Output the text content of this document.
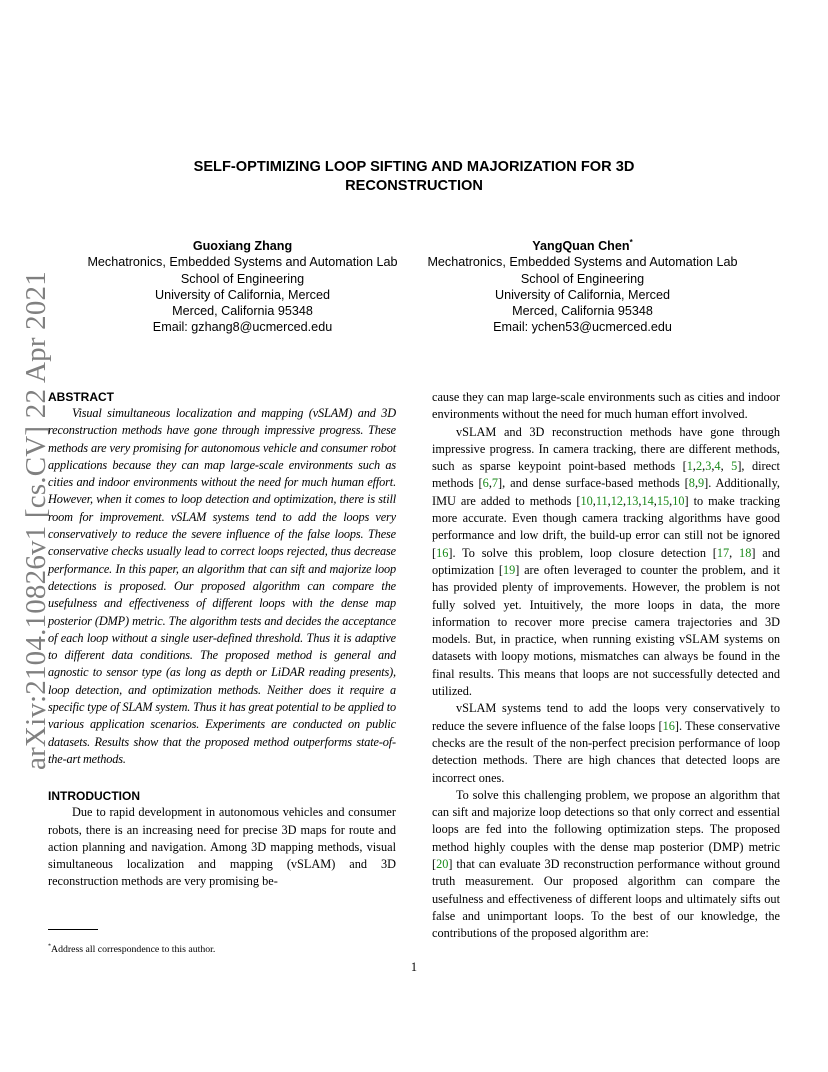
arXiv:2104.10826v1 [cs.CV] 22 Apr 2021
SELF-OPTIMIZING LOOP SIFTING AND MAJORIZATION FOR 3D RECONSTRUCTION
Guoxiang Zhang
Mechatronics, Embedded Systems and Automation Lab
School of Engineering
University of California, Merced
Merced, California 95348
Email: gzhang8@ucmerced.edu
YangQuan Chen*
Mechatronics, Embedded Systems and Automation Lab
School of Engineering
University of California, Merced
Merced, California 95348
Email: ychen53@ucmerced.edu
ABSTRACT

Visual simultaneous localization and mapping (vSLAM) and 3D reconstruction methods have gone through impressive progress. These methods are very promising for autonomous vehicle and consumer robot applications because they can map large-scale environments such as cities and indoor environments without the need for much human effort. However, when it comes to loop detection and optimization, there is still room for improvement. vSLAM systems tend to add the loops very conservatively to reduce the severe influence of the false loops. These conservative checks usually lead to correct loops rejected, thus decrease performance. In this paper, an algorithm that can sift and majorize loop detections is proposed. Our proposed algorithm can compare the usefulness and effectiveness of different loops with the dense map posterior (DMP) metric. The algorithm tests and decides the acceptance of each loop without a single user-defined threshold. Thus it is adaptive to different data conditions. The proposed method is general and agnostic to sensor type (as long as depth or LiDAR reading presents), loop detection, and optimization methods. Neither does it require a specific type of SLAM system. Thus it has great potential to be applied to various application scenarios. Experiments are conducted on public datasets. Results show that the proposed method outperforms state-of-the-art methods.

INTRODUCTION

Due to rapid development in autonomous vehicles and consumer robots, there is an increasing need for precise 3D maps for route and action planning and navigation. Among 3D mapping methods, visual simultaneous localization and mapping (vSLAM) and 3D reconstruction methods are very promising be-

cause they can map large-scale environments such as cities and indoor environments without the need for much human effort involved.

vSLAM and 3D reconstruction methods have gone through impressive progress. In camera tracking, there are different methods, such as sparse keypoint point-based methods [1,2,3,4, 5], direct methods [6,7], and dense surface-based methods [8,9]. Additionally, IMU are added to methods [10,11,12,13,14,15,10] to make tracking more accurate. Even though camera tracking algorithms have good performance and low drift, the build-up error can still not be ignored [16]. To solve this problem, loop closure detection [17, 18] and optimization [19] are often leveraged to counter the problem, and it has provided plenty of improvements. However, the problem is not fully solved yet. Intuitively, the more loops in data, the more information to recover more precise camera trajectories and 3D models. But, in practice, when running existing vSLAM systems on datasets with loopy motions, mismatches can always be found in the final results. This means that loops are not successfully detected and utilized.

vSLAM systems tend to add the loops very conservatively to reduce the severe influence of the false loops [16]. These conservative checks are the result of the non-perfect precision performance of loop detection methods. There are high chances that detected loops are incorrect ones.

To solve this challenging problem, we propose an algorithm that can sift and majorize loop detections so that only correct and essential loops are fed into the following optimization steps. The proposed method highly couples with the dense map posterior (DMP) metric [20] that can evaluate 3D reconstruction performance without ground truth measurement. Our proposed algorithm can compare the usefulness and effectiveness of different loops and ultimately sifts out false and unimportant loops. To the best of our knowledge, the contributions of the proposed algorithm are:

*Address all correspondence to this author.
1
